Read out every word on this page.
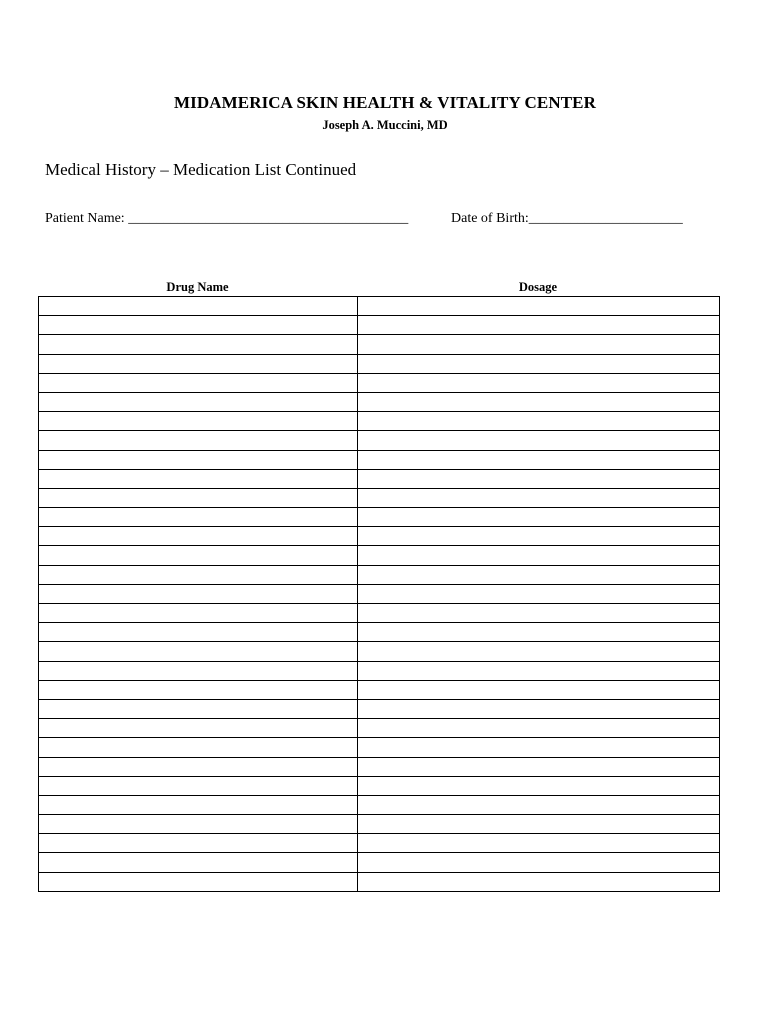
MIDAMERICA SKIN HEALTH & VITALITY CENTER
Joseph A. Muccini, MD
Medical History – Medication List Continued
Patient Name: ________________________________________	Date of Birth:______________________
Drug Name	Dosage
